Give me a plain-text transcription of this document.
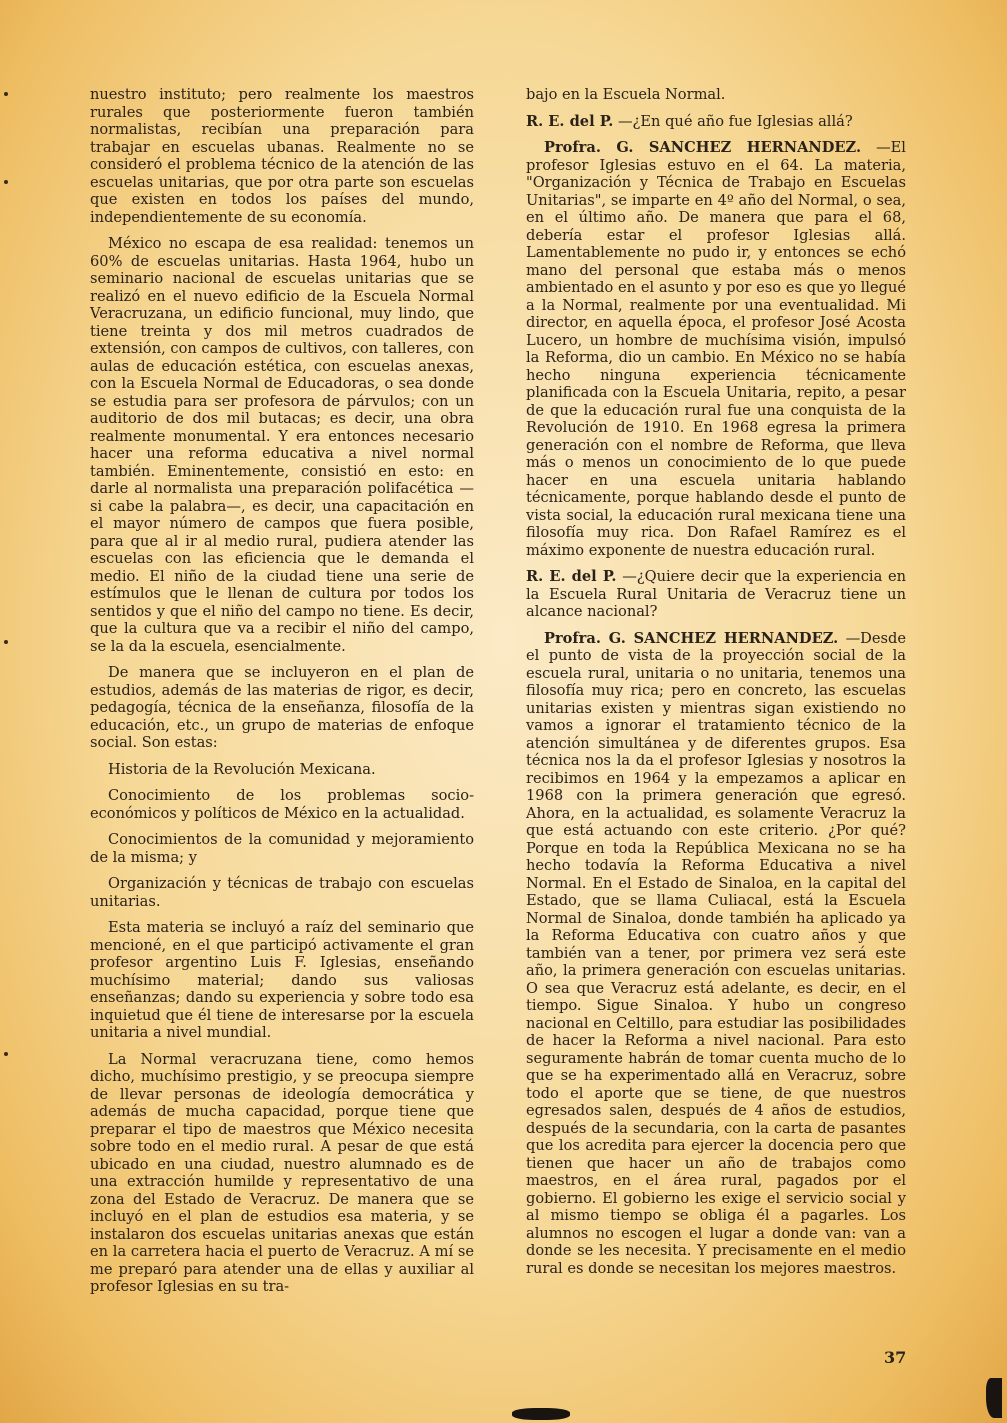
nuestro instituto; pero realmente los maestros rurales que posteriormente fueron también normalistas, recibían una preparación para trabajar en escuelas ubanas. Realmente no se consideró el problema técnico de la atención de las escuelas unitarias, que por otra parte son escuelas que existen en todos los países del mundo, independientemente de su economía.

México no escapa de esa realidad: tenemos un 60% de escuelas unitarias. Hasta 1964, hubo un seminario nacional de escuelas unitarias que se realizó en el nuevo edificio de la Escuela Normal Veracruzana, un edificio funcional, muy lindo, que tiene treinta y dos mil metros cuadrados de extensión, con campos de cultivos, con talleres, con aulas de educación estética, con escuelas anexas, con la Escuela Normal de Educadoras, o sea donde se estudia para ser profesora de párvulos; con un auditorio de dos mil butacas; es decir, una obra realmente monumental. Y era entonces necesario hacer una reforma educativa a nivel normal también. Eminentemente, consistió en esto: en darle al normalista una preparación polifacética —si cabe la palabra—, es decir, una capacitación en el mayor número de campos que fuera posible, para que al ir al medio rural, pudiera atender las escuelas con las eficiencia que le demanda el medio. El niño de la ciudad tiene una serie de estímulos que le llenan de cultura por todos los sentidos y que el niño del campo no tiene. Es decir, que la cultura que va a recibir el niño del campo, se la da la escuela, esencialmente.

De manera que se incluyeron en el plan de estudios, además de las materias de rigor, es decir, pedagogía, técnica de la enseñanza, filosofía de la educación, etc., un grupo de materias de enfoque social. Son estas:

Historia de la Revolución Mexicana.

Conocimiento de los problemas socio-económicos y políticos de México en la actualidad.

Conocimientos de la comunidad y mejoramiento de la misma; y

Organización y técnicas de trabajo con escuelas unitarias.

Esta materia se incluyó a raíz del seminario que mencioné, en el que participó activamente el gran profesor argentino Luis F. Iglesias, enseñando muchísimo material; dando sus valiosas enseñanzas; dando su experiencia y sobre todo esa inquietud que él tiene de interesarse por la escuela unitaria a nivel mundial.

La Normal veracruzana tiene, como hemos dicho, muchísimo prestigio, y se preocupa siempre de llevar personas de ideología democrática y además de mucha capacidad, porque tiene que preparar el tipo de maestros que México necesita sobre todo en el medio rural. A pesar de que está ubicado en una ciudad, nuestro alumnado es de una extracción humilde y representativo de una zona del Estado de Veracruz. De manera que se incluyó en el plan de estudios esa materia, y se instalaron dos escuelas unitarias anexas que están en la carretera hacia el puerto de Veracruz. A mí se me preparó para atender una de ellas y auxiliar al profesor Iglesias en su tra-

bajo en la Escuela Normal.

R. E. del P. —¿En qué año fue Iglesias allá?

Profra. G. SANCHEZ HERNANDEZ. —El profesor Iglesias estuvo en el 64. La materia, "Organización y Técnica de Trabajo en Escuelas Unitarias", se imparte en 4º año del Normal, o sea, en el último año. De manera que para el 68, debería estar el profesor Iglesias allá. Lamentablemente no pudo ir, y entonces se echó mano del personal que estaba más o menos ambientado en el asunto y por eso es que yo llegué a la Normal, realmente por una eventualidad. Mi director, en aquella época, el profesor José Acosta Lucero, un hombre de muchísima visión, impulsó la Reforma, dio un cambio. En México no se había hecho ninguna experiencia técnicamente planificada con la Escuela Unitaria, repito, a pesar de que la educación rural fue una conquista de la Revolución de 1910. En 1968 egresa la primera generación con el nombre de Reforma, que lleva más o menos un conocimiento de lo que puede hacer en una escuela unitaria hablando técnicamente, porque hablando desde el punto de vista social, la educación rural mexicana tiene una filosofía muy rica. Don Rafael Ramírez es el máximo exponente de nuestra educación rural.

R. E. del P. —¿Quiere decir que la experiencia en la Escuela Rural Unitaria de Veracruz tiene un alcance nacional?

Profra. G. SANCHEZ HERNANDEZ. —Desde el punto de vista de la proyección social de la escuela rural, unitaria o no unitaria, tenemos una filosofía muy rica; pero en concreto, las escuelas unitarias existen y mientras sigan existiendo no vamos a ignorar el tratamiento técnico de la atención simultánea y de diferentes grupos. Esa técnica nos la da el profesor Iglesias y nosotros la recibimos en 1964 y la empezamos a aplicar en 1968 con la primera generación que egresó. Ahora, en la actualidad, es solamente Veracruz la que está actuando con este criterio. ¿Por qué? Porque en toda la República Mexicana no se ha hecho todavía la Reforma Educativa a nivel Normal. En el Estado de Sinaloa, en la capital del Estado, que se llama Culiacal, está la Escuela Normal de Sinaloa, donde también ha aplicado ya la Reforma Educativa con cuatro años y que también van a tener, por primera vez será este año, la primera generación con escuelas unitarias. O sea que Veracruz está adelante, es decir, en el tiempo. Sigue Sinaloa. Y hubo un congreso nacional en Celtillo, para estudiar las posibilidades de hacer la Reforma a nivel nacional. Para esto seguramente habrán de tomar cuenta mucho de lo que se ha experimentado allá en Veracruz, sobre todo el aporte que se tiene, de que nuestros egresados salen, después de 4 años de estudios, después de la secundaria, con la carta de pasantes que los acredita para ejercer la docencia pero que tienen que hacer un año de trabajos como maestros, en el área rural, pagados por el gobierno. El gobierno les exige el servicio social y al mismo tiempo se obliga él a pagarles. Los alumnos no escogen el lugar a donde van: van a donde se les necesita. Y precisamente en el medio rural es donde se necesitan los mejores maestros.

37
